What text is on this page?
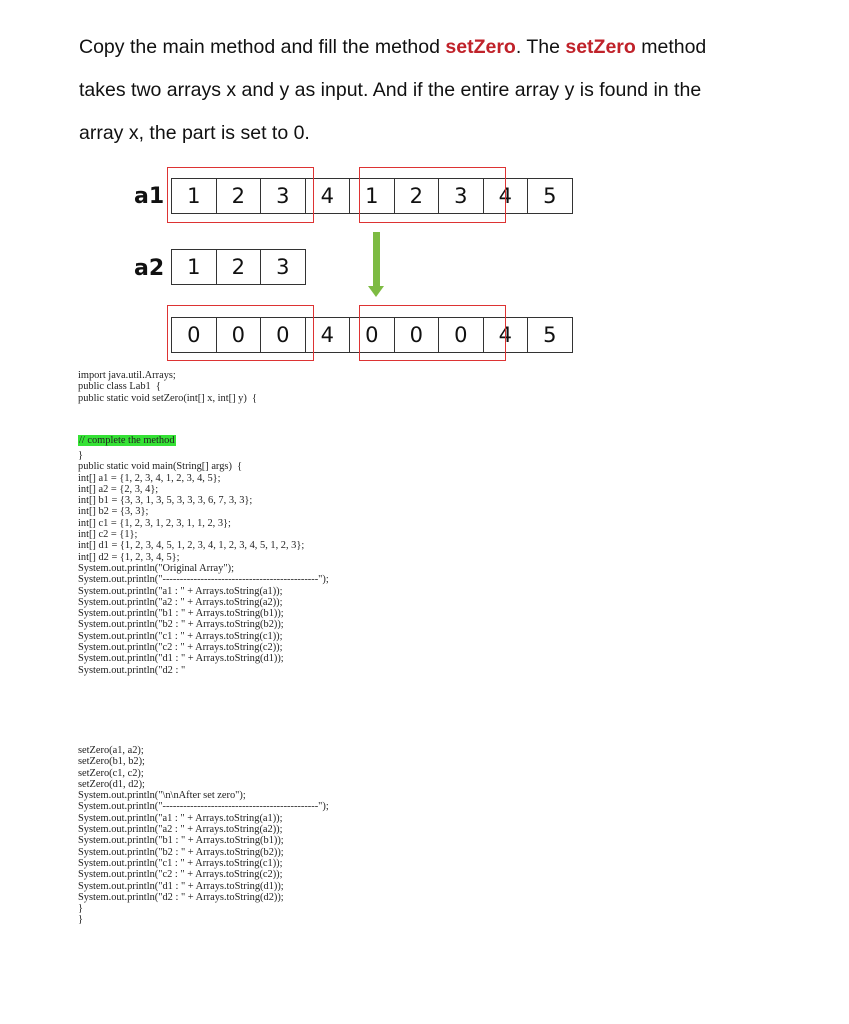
Copy the main method and fill the method setZero. The setZero method

takes two arrays x and y as input. And if the entire array y is found in the

array x, the part is set to 0.

a1	1	2	3	4	1	2	3	4	5
a2	1	2	3
0	0	0	4	0	0	0	4	5
import java.util.Arrays;
public class Lab1  {
public static void setZero(int[] x, int[] y)  {
// complete the method
}
public static void main(String[] args)  {
int[] a1 = {1, 2, 3, 4, 1, 2, 3, 4, 5};
int[] a2 = {2, 3, 4};
int[] b1 = {3, 3, 1, 3, 5, 3, 3, 3, 6, 7, 3, 3};
int[] b2 = {3, 3};
int[] c1 = {1, 2, 3, 1, 2, 3, 1, 1, 2, 3};
int[] c2 = {1};
int[] d1 = {1, 2, 3, 4, 5, 1, 2, 3, 4, 1, 2, 3, 4, 5, 1, 2, 3};
int[] d2 = {1, 2, 3, 4, 5};
System.out.println("Original Array");
System.out.println("---------------------------------------------");
System.out.println("a1 : " + Arrays.toString(a1));
System.out.println("a2 : " + Arrays.toString(a2));
System.out.println("b1 : " + Arrays.toString(b1));
System.out.println("b2 : " + Arrays.toString(b2));
System.out.println("c1 : " + Arrays.toString(c1));
System.out.println("c2 : " + Arrays.toString(c2));
System.out.println("d1 : " + Arrays.toString(d1));
System.out.println("d2 : "
setZero(a1, a2);
setZero(b1, b2);
setZero(c1, c2);
setZero(d1, d2);
System.out.println("\n\nAfter set zero");
System.out.println("---------------------------------------------");
System.out.println("a1 : " + Arrays.toString(a1));
System.out.println("a2 : " + Arrays.toString(a2));
System.out.println("b1 : " + Arrays.toString(b1));
System.out.println("b2 : " + Arrays.toString(b2));
System.out.println("c1 : " + Arrays.toString(c1));
System.out.println("c2 : " + Arrays.toString(c2));
System.out.println("d1 : " + Arrays.toString(d1));
System.out.println("d2 : " + Arrays.toString(d2));
}
}
